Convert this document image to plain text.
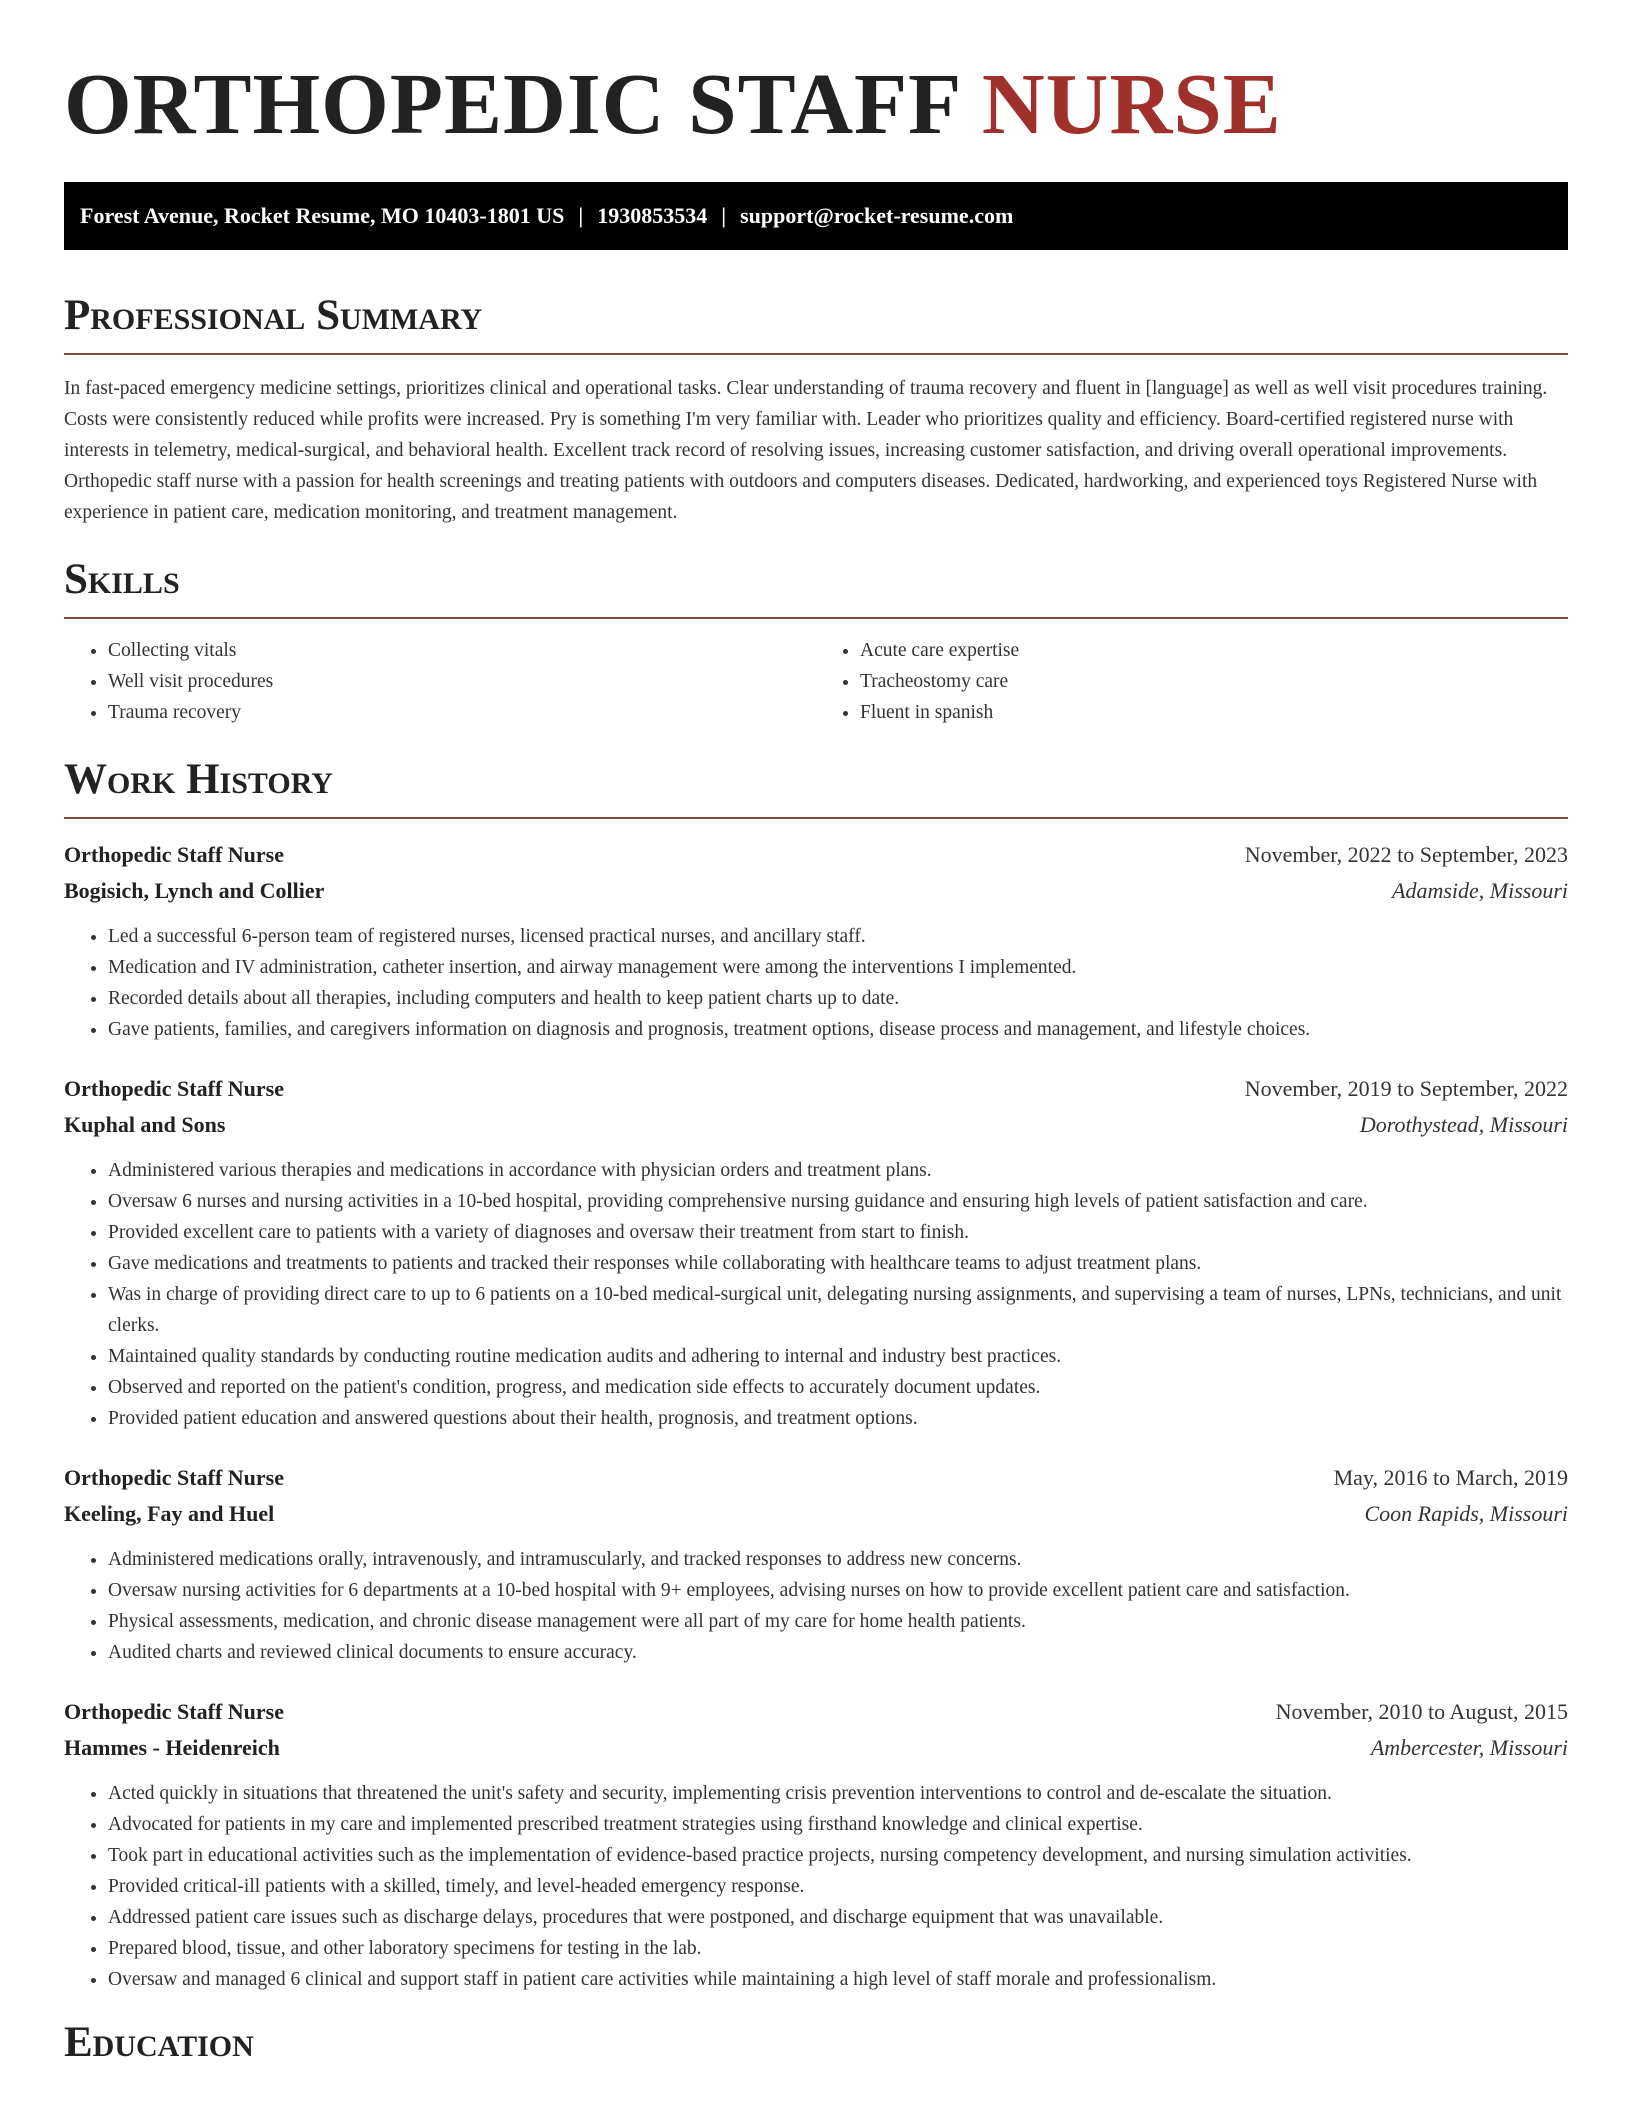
ORTHOPEDIC STAFF NURSE
Forest Avenue, Rocket Resume, MO 10403-1801 US | 1930853534 | support@rocket-resume.com
Professional Summary

In fast-paced emergency medicine settings, prioritizes clinical and operational tasks. Clear understanding of trauma recovery and fluent in [language] as well as well visit procedures training. Costs were consistently reduced while profits were increased. Pry is something I'm very familiar with. Leader who prioritizes quality and efficiency. Board-certified registered nurse with interests in telemetry, medical-surgical, and behavioral health. Excellent track record of resolving issues, increasing customer satisfaction, and driving overall operational improvements. Orthopedic staff nurse with a passion for health screenings and treating patients with outdoors and computers diseases. Dedicated, hardworking, and experienced toys Registered Nurse with experience in patient care, medication monitoring, and treatment management.

Skills
• Collecting vitals
• Well visit procedures
• Trauma recovery
• Acute care expertise
• Tracheostomy care
• Fluent in spanish
Work History
Orthopedic Staff Nurse	November, 2022 to September, 2023
Bogisich, Lynch and Collier	Adamside, Missouri
• Led a successful 6-person team of registered nurses, licensed practical nurses, and ancillary staff.
• Medication and IV administration, catheter insertion, and airway management were among the interventions I implemented.
• Recorded details about all therapies, including computers and health to keep patient charts up to date.
• Gave patients, families, and caregivers information on diagnosis and prognosis, treatment options, disease process and management, and lifestyle choices.
Orthopedic Staff Nurse	November, 2019 to September, 2022
Kuphal and Sons	Dorothystead, Missouri
• Administered various therapies and medications in accordance with physician orders and treatment plans.
• Oversaw 6 nurses and nursing activities in a 10-bed hospital, providing comprehensive nursing guidance and ensuring high levels of patient satisfaction and care.
• Provided excellent care to patients with a variety of diagnoses and oversaw their treatment from start to finish.
• Gave medications and treatments to patients and tracked their responses while collaborating with healthcare teams to adjust treatment plans.
• Was in charge of providing direct care to up to 6 patients on a 10-bed medical-surgical unit, delegating nursing assignments, and supervising a team of nurses, LPNs, technicians, and unit clerks.
• Maintained quality standards by conducting routine medication audits and adhering to internal and industry best practices.
• Observed and reported on the patient's condition, progress, and medication side effects to accurately document updates.
• Provided patient education and answered questions about their health, prognosis, and treatment options.
Orthopedic Staff Nurse	May, 2016 to March, 2019
Keeling, Fay and Huel	Coon Rapids, Missouri
• Administered medications orally, intravenously, and intramuscularly, and tracked responses to address new concerns.
• Oversaw nursing activities for 6 departments at a 10-bed hospital with 9+ employees, advising nurses on how to provide excellent patient care and satisfaction.
• Physical assessments, medication, and chronic disease management were all part of my care for home health patients.
• Audited charts and reviewed clinical documents to ensure accuracy.
Orthopedic Staff Nurse	November, 2010 to August, 2015
Hammes - Heidenreich	Ambercester, Missouri
• Acted quickly in situations that threatened the unit's safety and security, implementing crisis prevention interventions to control and de-escalate the situation.
• Advocated for patients in my care and implemented prescribed treatment strategies using firsthand knowledge and clinical expertise.
• Took part in educational activities such as the implementation of evidence-based practice projects, nursing competency development, and nursing simulation activities.
• Provided critical-ill patients with a skilled, timely, and level-headed emergency response.
• Addressed patient care issues such as discharge delays, procedures that were postponed, and discharge equipment that was unavailable.
• Prepared blood, tissue, and other laboratory specimens for testing in the lab.
• Oversaw and managed 6 clinical and support staff in patient care activities while maintaining a high level of staff morale and professionalism.
Education
